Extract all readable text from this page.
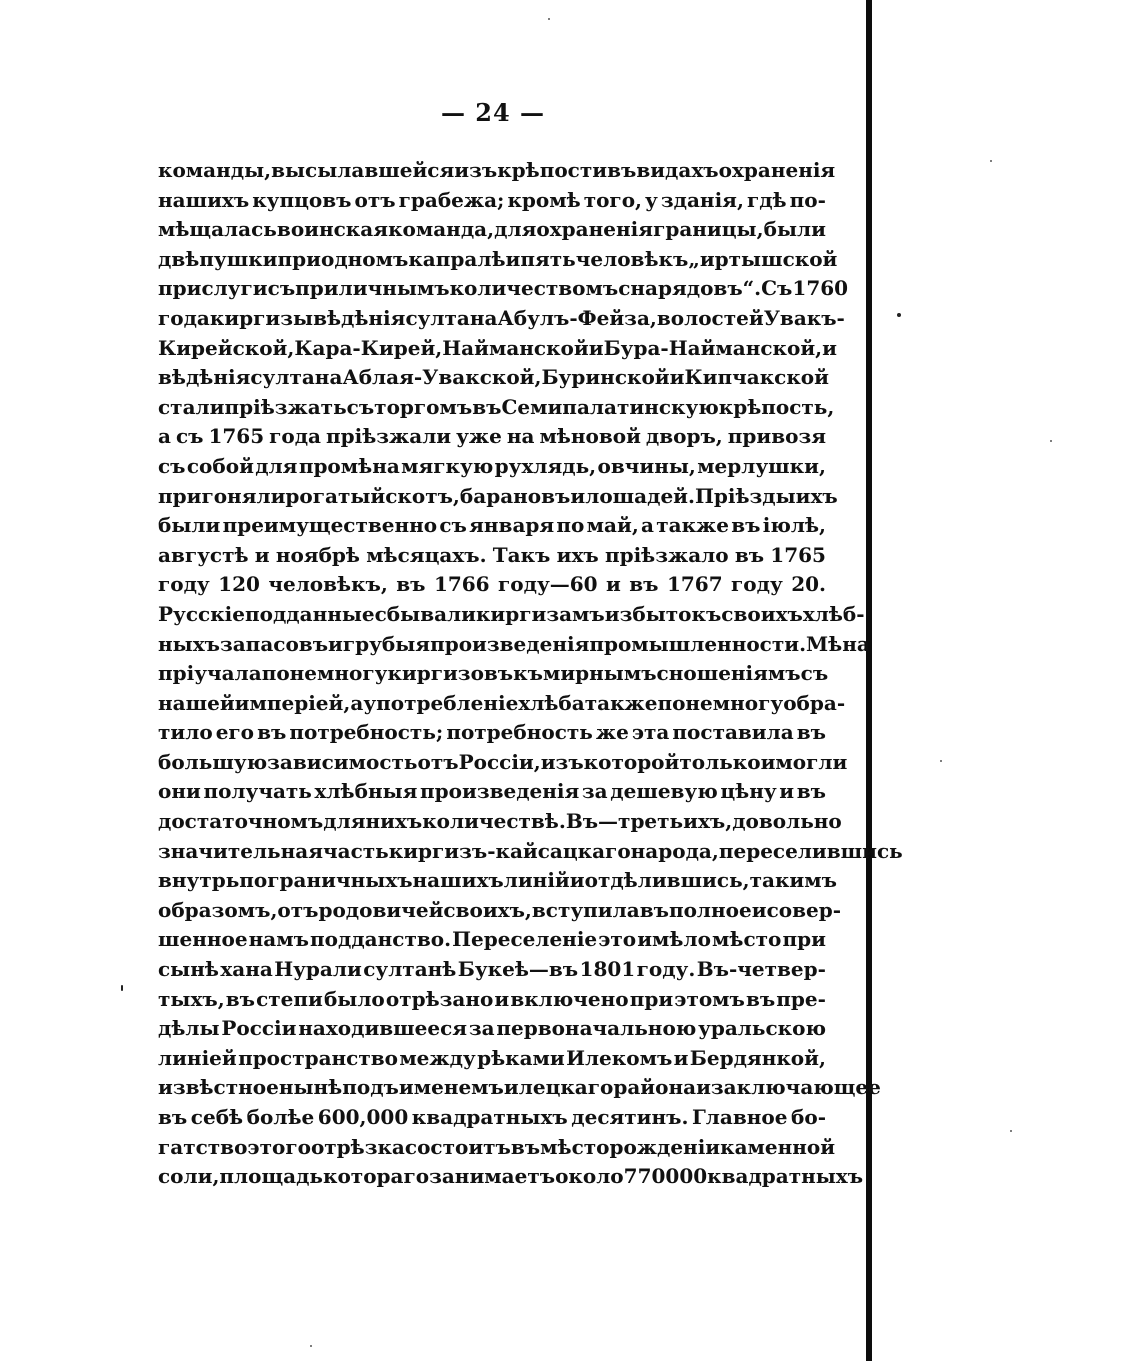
— 24 —
команды, высылавшейся изъ крѣпости въ видахъ охраненія
нашихъ купцовъ отъ грабежа; кромѣ того, у зданія, гдѣ по-
мѣщалась воинская команда, для охраненія границы, были
двѣ пушки при одномъ капралѣ и пять человѣкъ „иртышской
прислуги съ приличнымъ количествомъ снарядовъ“. Съ 1760
года киргизы вѣдѣнія султана Абулъ-Фейза, волостей Увакъ-
Кирейской, Кара-Кирей, Найманской и Бура-Найманской, и
вѣдѣнія султана Аблая-Увакской, Буринской и Кипчакской
стали пріѣзжать съ торгомъ въ Семипалатинскую крѣпость,
а съ 1765 года пріѣзжали уже на мѣновой дворъ, привозя
съ собой для промѣна мягкую рухлядь, овчины, мерлушки,
пригоняли рогатый скотъ, барановъ и лошадей. Пріѣзды ихъ
были преимущественно съ января по май, а также въ іюлѣ,
августѣ и ноябрѣ мѣсяцахъ. Такъ ихъ пріѣзжало въ 1765
году 120 человѣкъ, въ 1766 году—60 и въ 1767 году 20.
Русскіе подданные сбывали киргизамъ избытокъ своихъ хлѣб-
ныхъ запасовъ и грубыя произведенія промышленности. Мѣна
пріучала понемногу киргизовъ къ мирнымъ сношеніямъ съ
нашей имперіей, а употребленіе хлѣба также понемногу обра-
тило его въ потребность; потребность же эта поставила въ
большую зависимость отъ Россіи, изъ которой только и могли
они получать хлѣбныя произведенія за дешевую цѣну и въ
достаточномъ для нихъ количествѣ. Въ—третьихъ, довольно
значительная часть киргизъ-кайсацкаго народа, переселившись
внутрь пограничныхъ нашихъ линій и отдѣлившись, такимъ
образомъ, отъ родовичей своихъ, вступила въ полное и совер-
шенное намъ подданство. Переселеніе это имѣло мѣсто при
сынѣ хана Нурали султанѣ Букеѣ—въ 1801 году. Въ-четвер-
тыхъ, въ степи было отрѣзано и включено при этомъ въ пре-
дѣлы Россіи находившееся за первоначальною уральскою
линіей пространство между рѣками Илекомъ и Бердянкой,
извѣстное нынѣ подъ именемъ илецкаго района и заключающее
въ себѣ болѣе 600,000 квадратныхъ десятинъ. Главное бо-
гатство этого отрѣзка состоитъ въ мѣсторожденіи каменной
соли, площадь котораго занимаетъ около 770000 квадратныхъ
